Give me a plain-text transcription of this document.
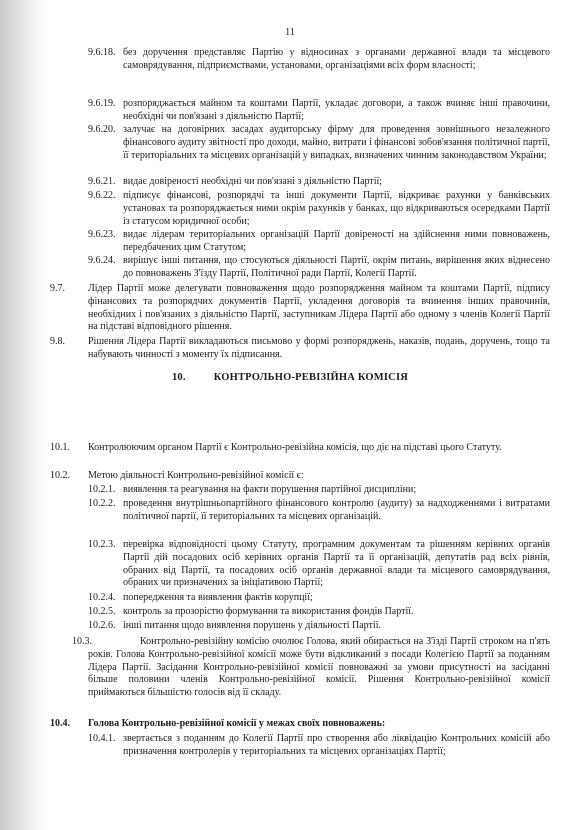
11
9.6.18. без доручення представляє Партію у відносинах з органами державної влади та місцевого самоврядування, підприємствами, установами, організаціями всіх форм власності;
9.6.19. розпоряджається майном та коштами Партії, укладає договори, а також вчиняє інші правочини, необхідні чи пов'язані з діяльністю Партії;
9.6.20. залучає на договірних засадах аудиторську фірму для проведення зовнішнього незалежного фінансового аудиту звітності про доходи, майно, витрати і фінансові зобов'язання політичної партії, її територіальних та місцевих організацій у випадках, визначених чинним законодавством України;
9.6.21. видає довіреності необхідні чи пов'язані з діяльністю Партії;
9.6.22. підписує фінансові, розпорядчі та інші документи Партії, відкриває рахунки у банківських установах та розпоряджається ними окрім рахунків у банках, що відкриваються осередками Партії із статусом юридичної особи;
9.6.23. видає лідерам територіальних організацій Партії довіреності на здійснення ними повноважень, передбачених цим Статутом;
9.6.24. вирішує інші питання, що стосуються діяльності Партії, окрім питань, вирішення яких віднесено до повноважень З'їзду Партії, Політичної ради Партії, Колегії Партії.
9.7. Лідер Партії може делегувати повноваження щодо розпорядження майном та коштами Партії, підпису фінансових та розпорядчих документів Партії, укладення договорів та вчинення інших правочинів, необхідних і пов'язаних з діяльністю Партії, заступникам Лідера Партії або одному з членів Колегії Партії на підставі відповідного рішення.
9.8. Рішення Лідера Партії викладаються письмово у формі розпоряджень, наказів, подань, доручень, тощо та набувають чинності з моменту їх підписання.
10.	КОНТРОЛЬНО-РЕВІЗІЙНА КОМІСІЯ
10.1. Контролюючим органом Партії є Контрольно-ревізійна комісія, що діє на підставі цього Статуту.
10.2. Метою діяльності Контрольно-ревізійної комісії є:
10.2.1. виявлення та реагування на факти порушення партійної дисципліни;
10.2.2. проведення внутрішньопартійного фінансового контролю (аудиту) за надходженнями і витратами політичної партії, її територіальних та місцевих організацій.
10.2.3. перевірка відповідності цьому Статуту, програмним документам та рішенням керівних органів Партії дій посадових осіб керівних органів Партії та її організацій, депутатів рад всіх рівнів, обраних від Партії, та посадових осіб органів державної влади та місцевого самоврядування, обраних чи призначених за ініціативою Партії;
10.2.4. попередження та виявлення фактів корупції;
10.2.5. контроль за прозорістю формування та використання фондів Партії.
10.2.6. інші питання щодо виявлення порушень у діяльності Партії.
10.3.	Контрольно-ревізійну комісію очолює Голова, який обирається на З'їзді Партії строком на п'ять років. Голова Контрольно-ревізійної комісії може бути відкликаний з посади Колегією Партії за поданням Лідера Партії. Засідання Контрольно-ревізійної комісії повноважні за умови присутності на засіданні більше половини членів Контрольно-ревізійної комісії. Рішення Контрольно-ревізійної комісії приймаються більшістю голосів від її складу.
10.4. Голова Контрольно-ревізійної комісії у межах своїх повноважень:
10.4.1. звертається з поданням до Колегії Партії про створення або ліквідацію Контрольних комісій або призначення контролерів у територіальних та місцевих організаціях Партії;
